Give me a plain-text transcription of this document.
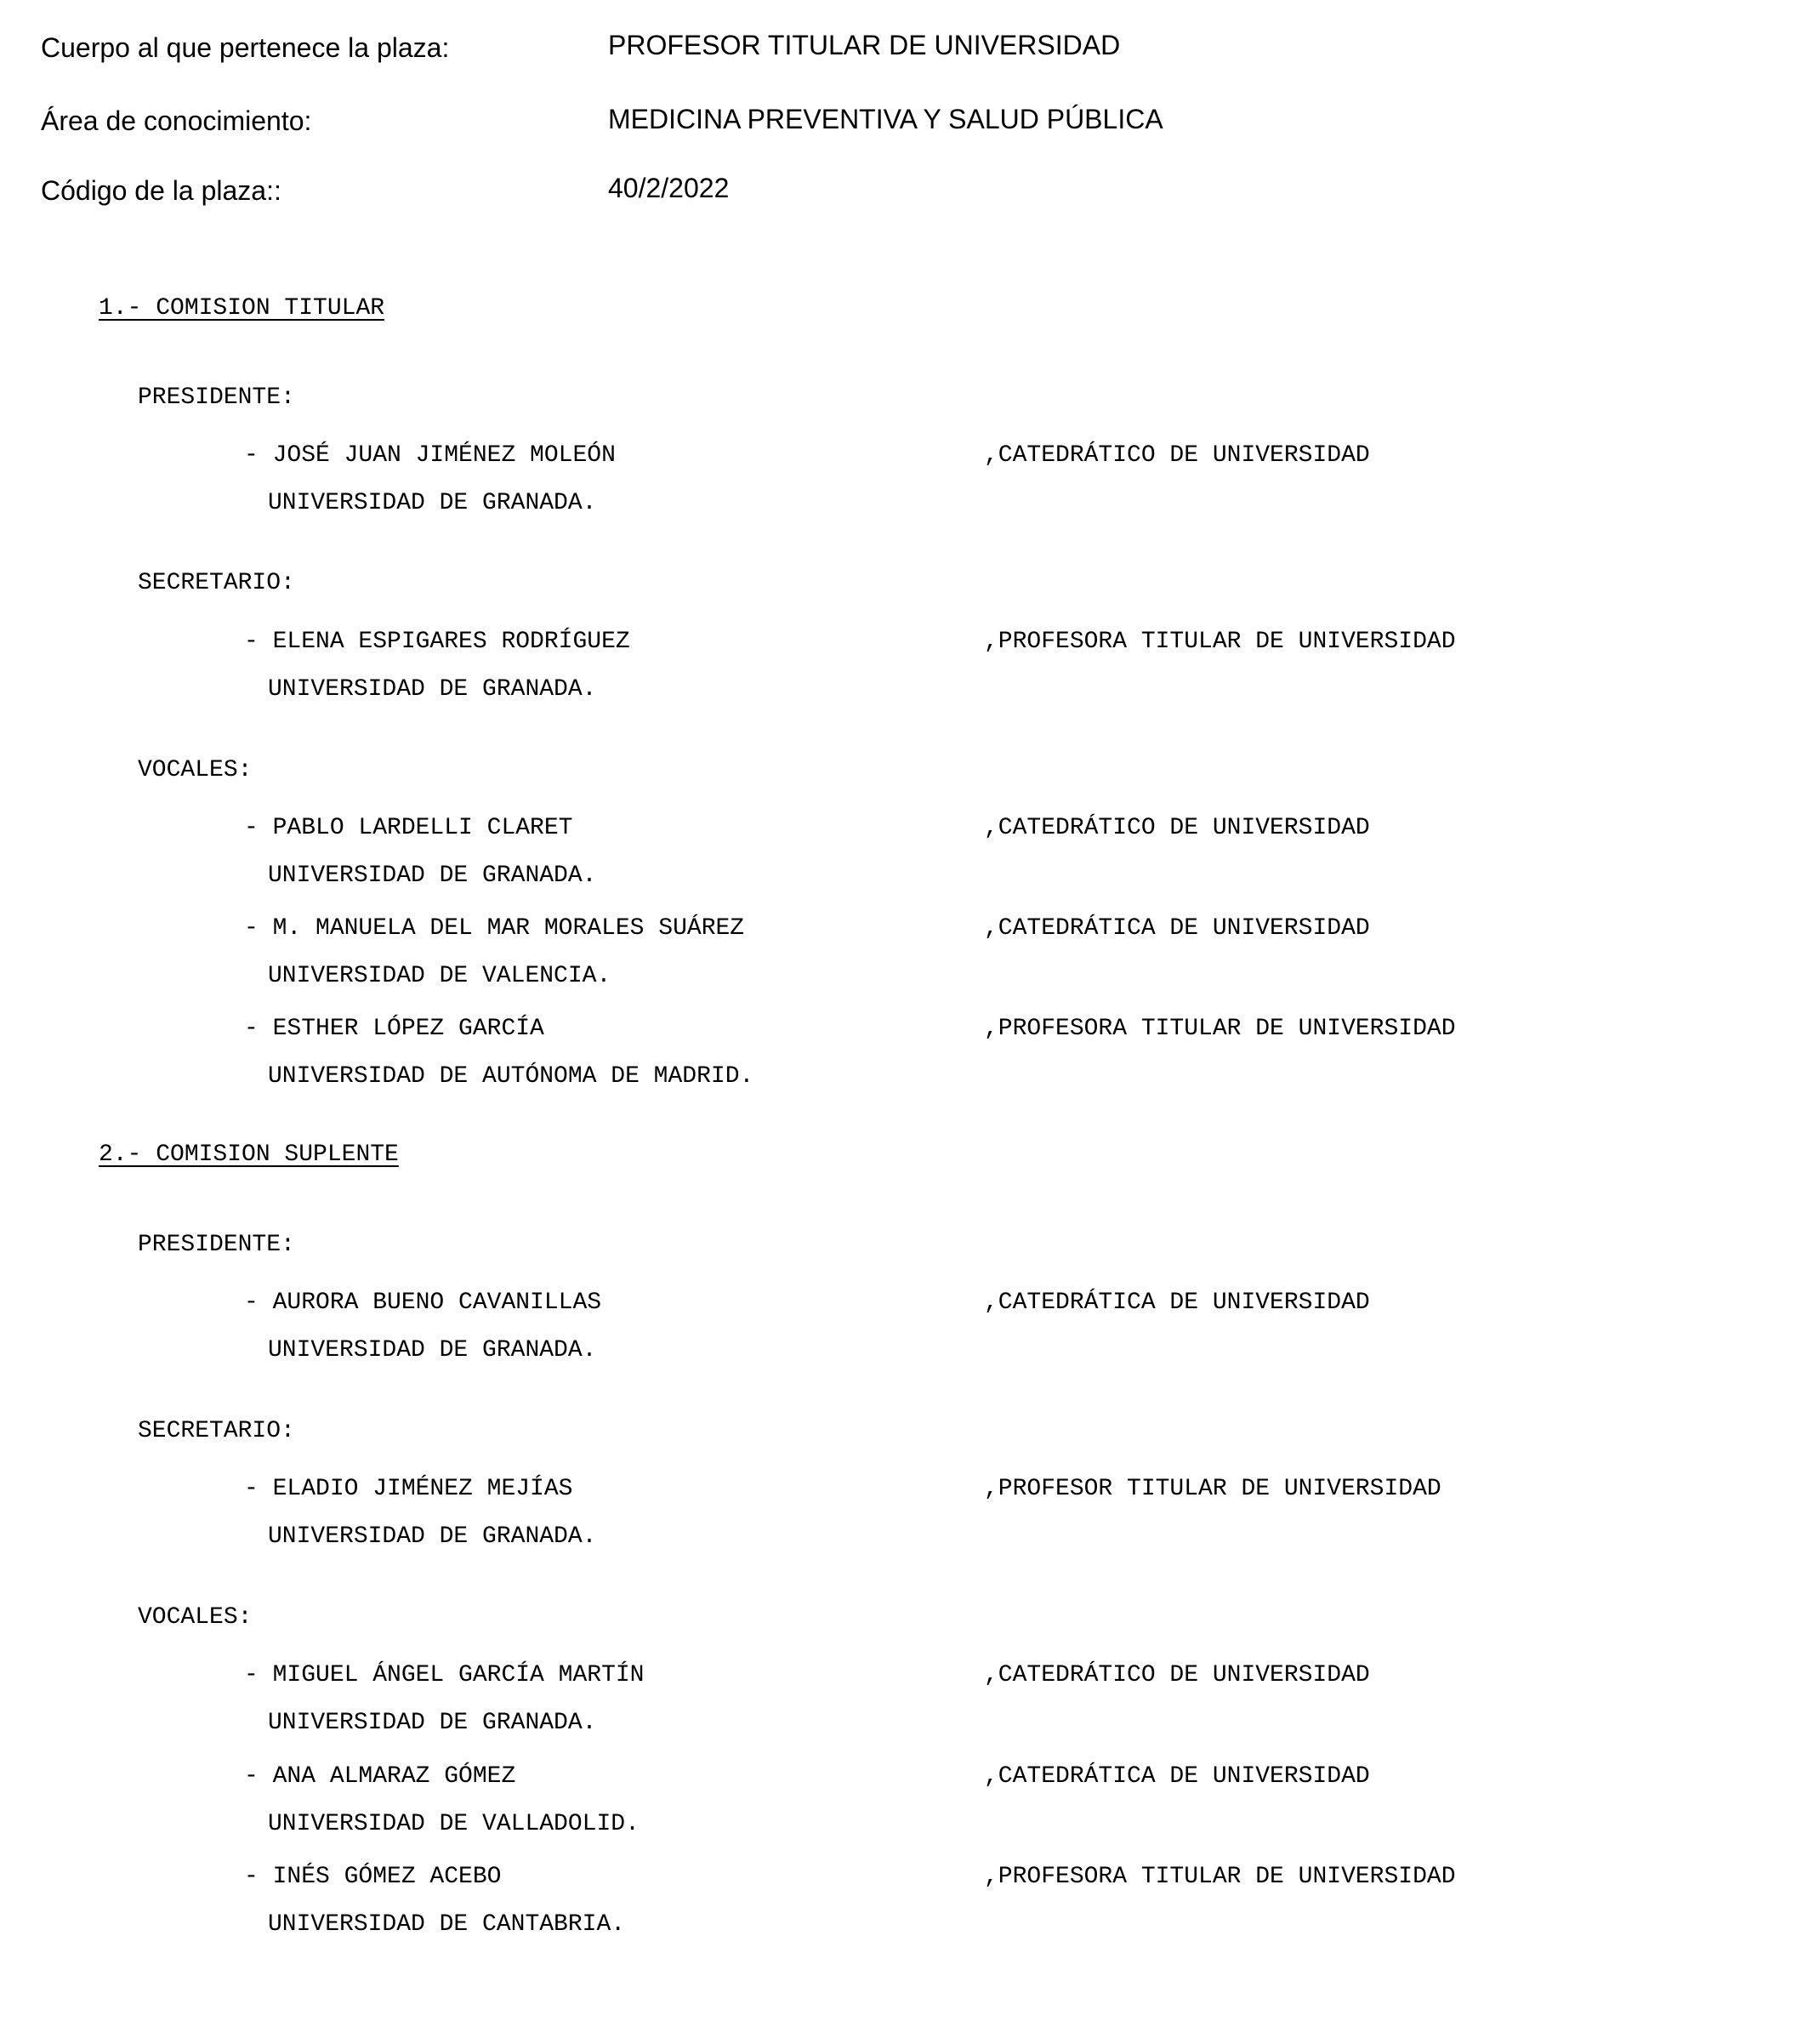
Cuerpo al que pertenece la plaza:	PROFESOR TITULAR DE UNIVERSIDAD
Área de conocimiento:	MEDICINA PREVENTIVA Y SALUD PÚBLICA
Código de la plaza::	40/2/2022
1.- COMISION TITULAR
PRESIDENTE:
- JOSÉ JUAN JIMÉNEZ MOLEÓN	,CATEDRÁTICO DE UNIVERSIDAD
UNIVERSIDAD DE GRANADA.
SECRETARIO:
- ELENA ESPIGARES RODRÍGUEZ	,PROFESORA TITULAR DE UNIVERSIDAD
UNIVERSIDAD DE GRANADA.
VOCALES:
- PABLO LARDELLI CLARET	,CATEDRÁTICO DE UNIVERSIDAD
UNIVERSIDAD DE GRANADA.
- M. MANUELA DEL MAR MORALES SUÁREZ	,CATEDRÁTICA DE UNIVERSIDAD
UNIVERSIDAD DE VALENCIA.
- ESTHER LÓPEZ GARCÍA	,PROFESORA TITULAR DE UNIVERSIDAD
UNIVERSIDAD DE AUTÓNOMA DE MADRID.
2.- COMISION SUPLENTE
PRESIDENTE:
- AURORA BUENO CAVANILLAS	,CATEDRÁTICA DE UNIVERSIDAD
UNIVERSIDAD DE GRANADA.
SECRETARIO:
- ELADIO JIMÉNEZ MEJÍAS	,PROFESOR TITULAR DE UNIVERSIDAD
UNIVERSIDAD DE GRANADA.
VOCALES:
- MIGUEL ÁNGEL GARCÍA MARTÍN	,CATEDRÁTICO DE UNIVERSIDAD
UNIVERSIDAD DE GRANADA.
- ANA ALMARAZ GÓMEZ	,CATEDRÁTICA DE UNIVERSIDAD
UNIVERSIDAD DE VALLADOLID.
- INÉS GÓMEZ ACEBO	,PROFESORA TITULAR DE UNIVERSIDAD
UNIVERSIDAD DE CANTABRIA.
